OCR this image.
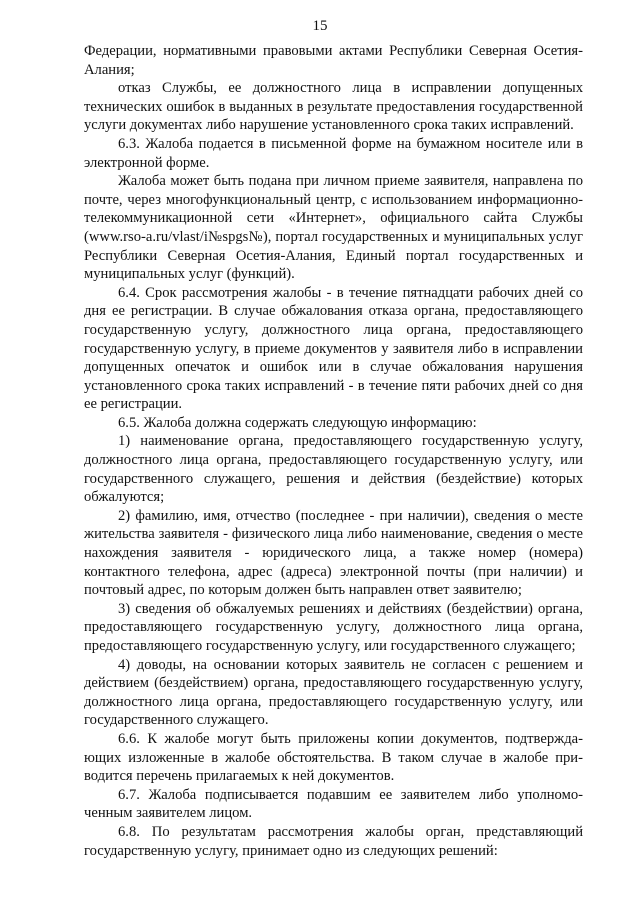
15

Федерации, нормативными правовыми актами Республики Северная Осетия-Алания;

отказ Службы, ее должностного лица в исправлении допущенных технических ошибок в выданных в результате предоставления государственной услуги документах либо нарушение установленного срока таких исправлений.

6.3. Жалоба подается в письменной форме на бумажном носителе или в электронной форме.

Жалоба может быть подана при личном приеме заявителя, направлена по почте, через многофункциональный центр, с использованием информационно-телекоммуникационной сети «Интернет», официального сайта Службы (www.rso-a.ru/vlast/i№spgs№), портал государственных и муниципальных услуг Республики Северная Осетия-Алания, Единый портал государственных и муниципальных услуг (функций).

6.4. Срок рассмотрения жалобы - в течение пятнадцати рабочих дней со дня ее регистрации. В случае обжалования отказа органа, предоставляющего государственную услугу, должностного лица органа, предоставляющего государственную услугу, в приеме документов у заявителя либо в исправлении допущенных опечаток и ошибок или в случае обжалования нарушения установленного срока таких исправлений - в течение пяти рабочих дней со дня ее регистрации.

6.5. Жалоба должна содержать следующую информацию:

1) наименование органа, предоставляющего государственную услугу, должностного лица органа, предоставляющего государственную услугу, или государственного служащего, решения и действия (бездействие) которых обжалуются;

2) фамилию, имя, отчество (последнее - при наличии), сведения о месте жительства заявителя - физического лица либо наименование, сведения о месте нахождения заявителя - юридического лица, а также номер (номера) контактного телефона, адрес (адреса) электронной почты (при наличии) и почтовый адрес, по которым должен быть направлен ответ заявителю;

3) сведения об обжалуемых решениях и действиях (бездействии) органа, предоставляющего государственную услугу, должностного лица органа, предоставляющего государственную услугу, или государственного служащего;

4) доводы, на основании которых заявитель не согласен с решением и действием (бездействием) органа, предоставляющего государственную услугу, должностного лица органа, предоставляющего государственную услугу, или государственного служащего.

6.6. К жалобе могут быть приложены копии документов, подтверждающих изложенные в жалобе обстоятельства. В таком случае в жалобе приводится перечень прилагаемых к ней документов.

6.7. Жалоба подписывается подавшим ее заявителем либо уполномоченным заявителем лицом.

6.8. По результатам рассмотрения жалобы орган, представляющий государственную услугу, принимает одно из следующих решений:
